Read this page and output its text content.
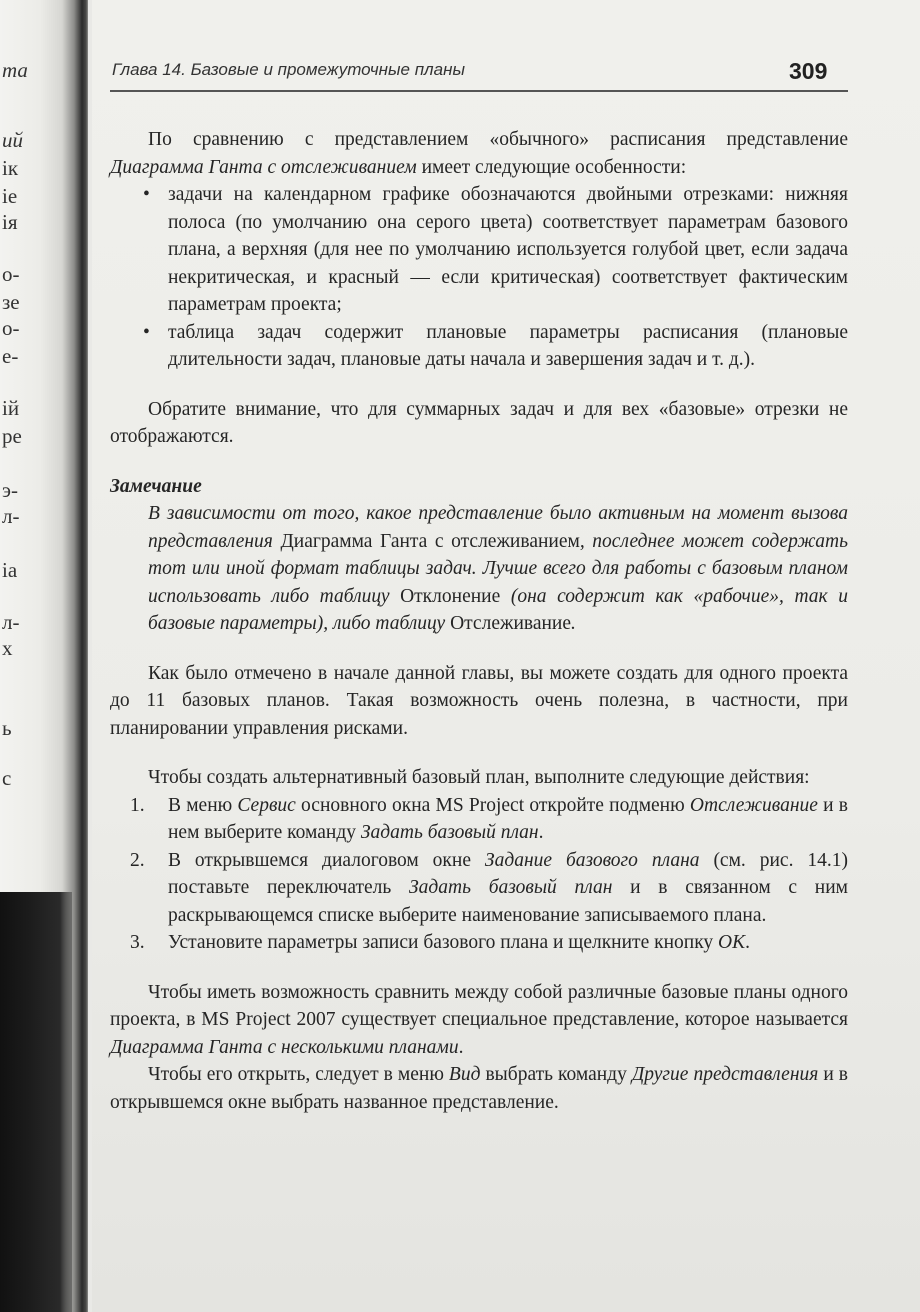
та
ий
ік
іе
ія
о-
зе
о-
е-
ій
ре
э-
л-
іа
л-
х
ь
с
Глава 14. Базовые и промежуточные планы	309

По сравнению с представлением «обычного» расписания представление Диаграмма Ганта с отслеживанием имеет следующие особенности:

• задачи на календарном графике обозначаются двойными отрезками: нижняя полоса (по умолчанию она серого цвета) соответствует параметрам базового плана, а верхняя (для нее по умолчанию используется голубой цвет, если задача некритическая, и красный — если критическая) соответствует фактическим параметрам проекта;
• таблица задач содержит плановые параметры расписания (плановые длительности задач, плановые даты начала и завершения задач и т. д.).

Обратите внимание, что для суммарных задач и для вех «базовые» отрезки не отображаются.

Замечание
В зависимости от того, какое представление было активным на момент вызова представления Диаграмма Ганта с отслеживанием, последнее может содержать тот или иной формат таблицы задач. Лучше всего для работы с базовым планом использовать либо таблицу Отклонение (она содержит как «рабочие», так и базовые параметры), либо таблицу Отслеживание.

Как было отмечено в начале данной главы, вы можете создать для одного проекта до 11 базовых планов. Такая возможность очень полезна, в частности, при планировании управления рисками.

Чтобы создать альтернативный базовый план, выполните следующие действия:

1. В меню Сервис основного окна MS Project откройте подменю Отслеживание и в нем выберите команду Задать базовый план.
2. В открывшемся диалоговом окне Задание базового плана (см. рис. 14.1) поставьте переключатель Задать базовый план и в связанном с ним раскрывающемся списке выберите наименование записываемого плана.
3. Установите параметры записи базового плана и щелкните кнопку OK.

Чтобы иметь возможность сравнить между собой различные базовые планы одного проекта, в MS Project 2007 существует специальное представление, которое называется Диаграмма Ганта с несколькими планами.

Чтобы его открыть, следует в меню Вид выбрать команду Другие представления и в открывшемся окне выбрать названное представление.
